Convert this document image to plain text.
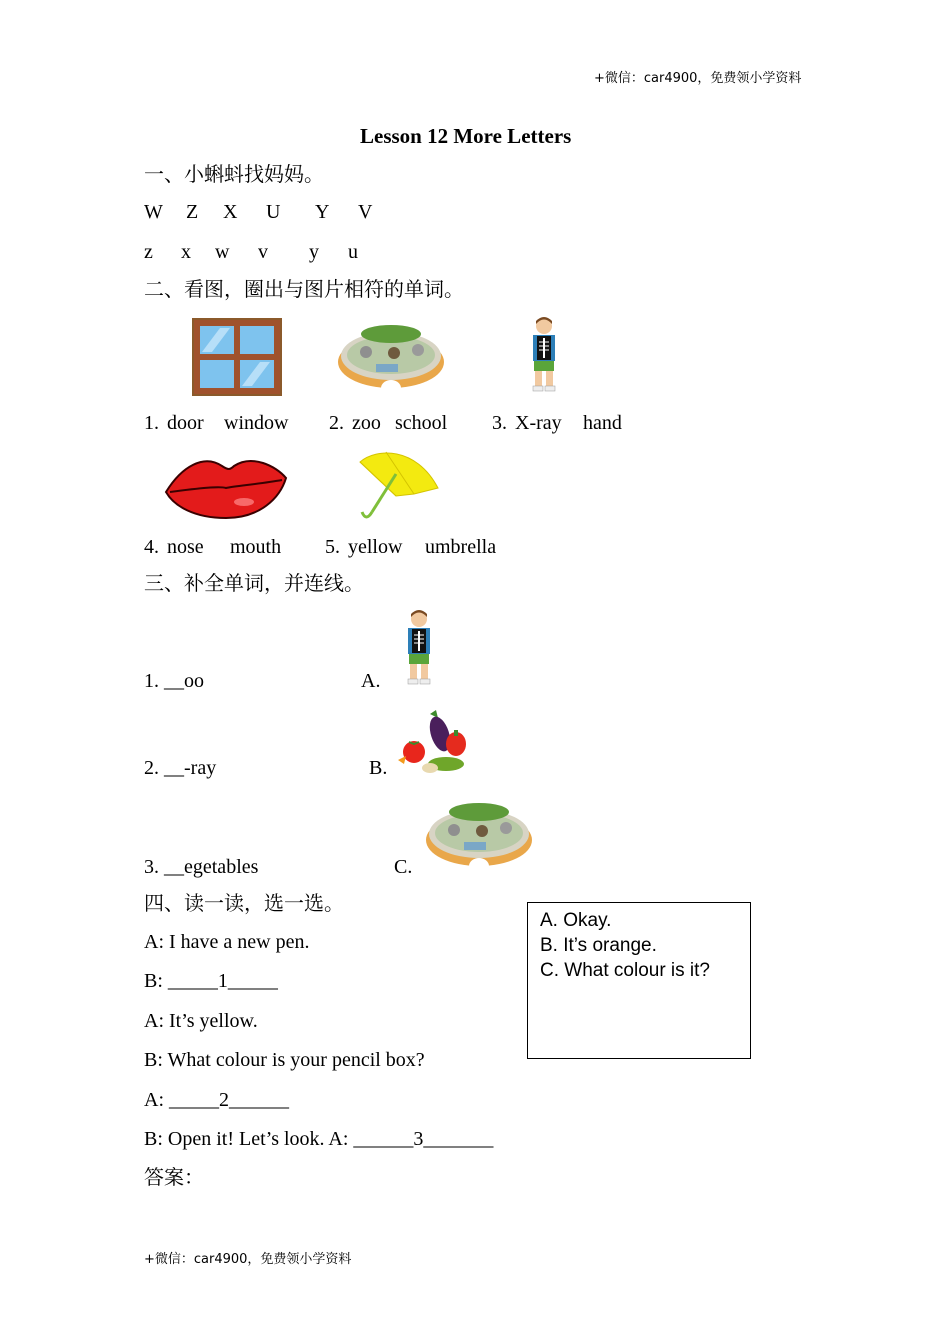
+微信：car4900，免费领小学资料
Lesson 12 More Letters
一、小蝌蚪找妈妈。
W Z X U Y V
z x w v y u
二、看图，圈出与图片相符的单词。
1. door window 2. zoo school 3. X-ray hand
4. nose mouth 5. yellow umbrella
三、补全单词，并连线。
1. __oo	A.
2. __-ray	B.
3. __egetables	C.
四、读一读，选一选。
A: I have a new pen.
B: _____1_____
A: It’s yellow.
B: What colour is your pencil box?
A: _____2______
B: Open it! Let’s look. A: ______3_______
A. Okay.
B. It’s orange.
C. What colour is it?
答案：
+微信：car4900，免费领小学资料
